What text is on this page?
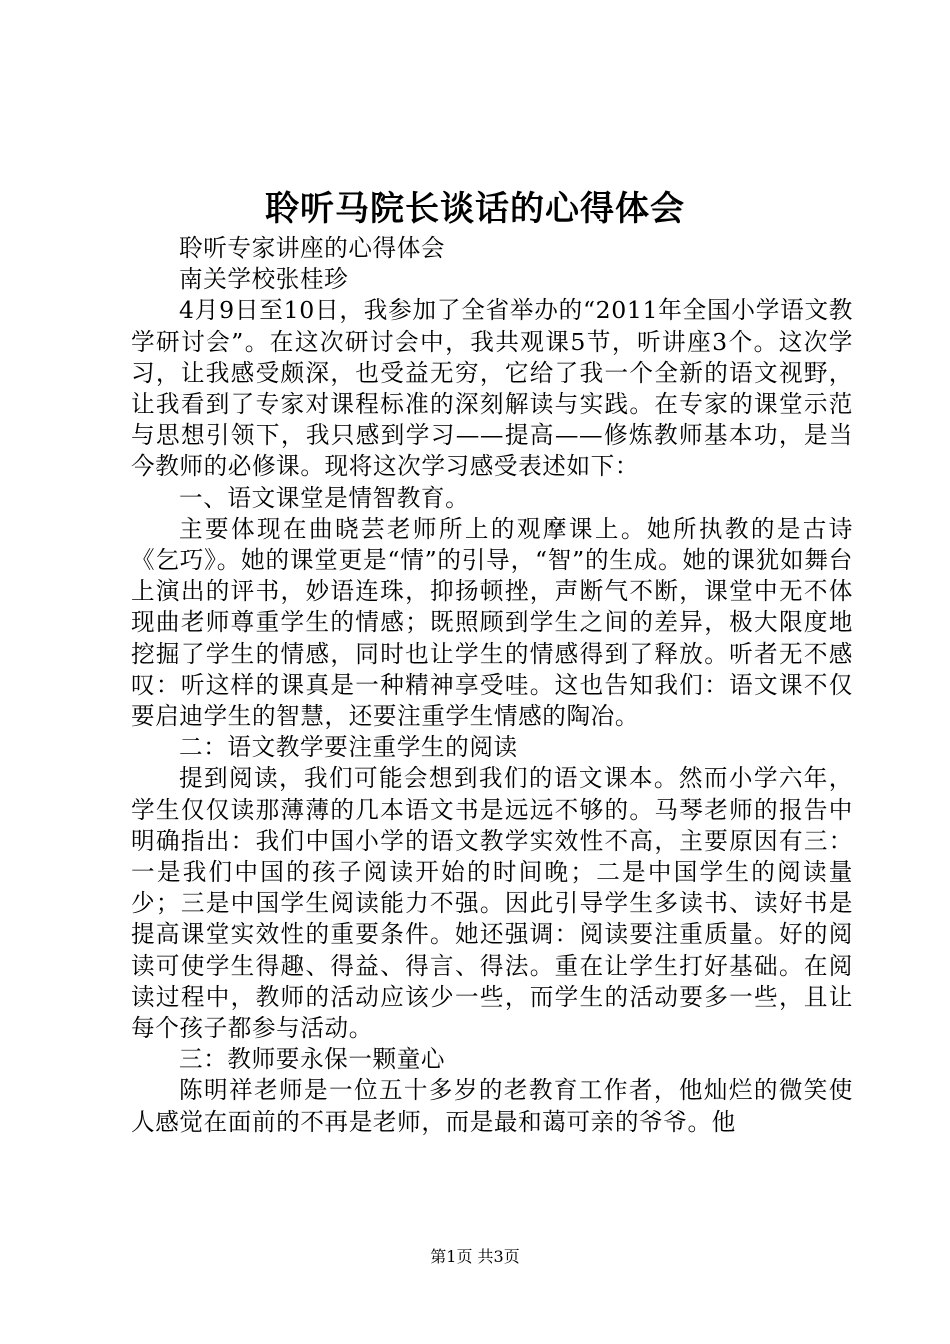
聆听马院长谈话的心得体会

聆听专家讲座的心得体会

南关学校张桂珍

4月9日至10日，我参加了全省举办的“2011年全国小学语文教学研讨会”。在这次研讨会中，我共观课5节，听讲座3个。这次学习，让我感受颇深，也受益无穷，它给了我一个全新的语文视野，让我看到了专家对课程标准的深刻解读与实践。在专家的课堂示范与思想引领下，我只感到学习——提高——修炼教师基本功，是当今教师的必修课。现将这次学习感受表述如下：

一、语文课堂是情智教育。

主要体现在曲晓芸老师所上的观摩课上。她所执教的是古诗《乞巧》。她的课堂更是“情”的引导，“智”的生成。她的课犹如舞台上演出的评书，妙语连珠，抑扬顿挫，声断气不断，课堂中无不体现曲老师尊重学生的情感；既照顾到学生之间的差异，极大限度地挖掘了学生的情感，同时也让学生的情感得到了释放。听者无不感叹：听这样的课真是一种精神享受哇。这也告知我们：语文课不仅要启迪学生的智慧，还要注重学生情感的陶冶。

二：语文教学要注重学生的阅读

提到阅读，我们可能会想到我们的语文课本。然而小学六年，学生仅仅读那薄薄的几本语文书是远远不够的。马琴老师的报告中明确指出：我们中国小学的语文教学实效性不高，主要原因有三：一是我们中国的孩子阅读开始的时间晚；二是中国学生的阅读量少；三是中国学生阅读能力不强。因此引导学生多读书、读好书是提高课堂实效性的重要条件。她还强调：阅读要注重质量。好的阅读可使学生得趣、得益、得言、得法。重在让学生打好基础。在阅读过程中，教师的活动应该少一些，而学生的活动要多一些，且让每个孩子都参与活动。

三：教师要永保一颗童心

陈明祥老师是一位五十多岁的老教育工作者，他灿烂的微笑使人感觉在面前的不再是老师，而是最和蔼可亲的爷爷。他

第1页 共3页
